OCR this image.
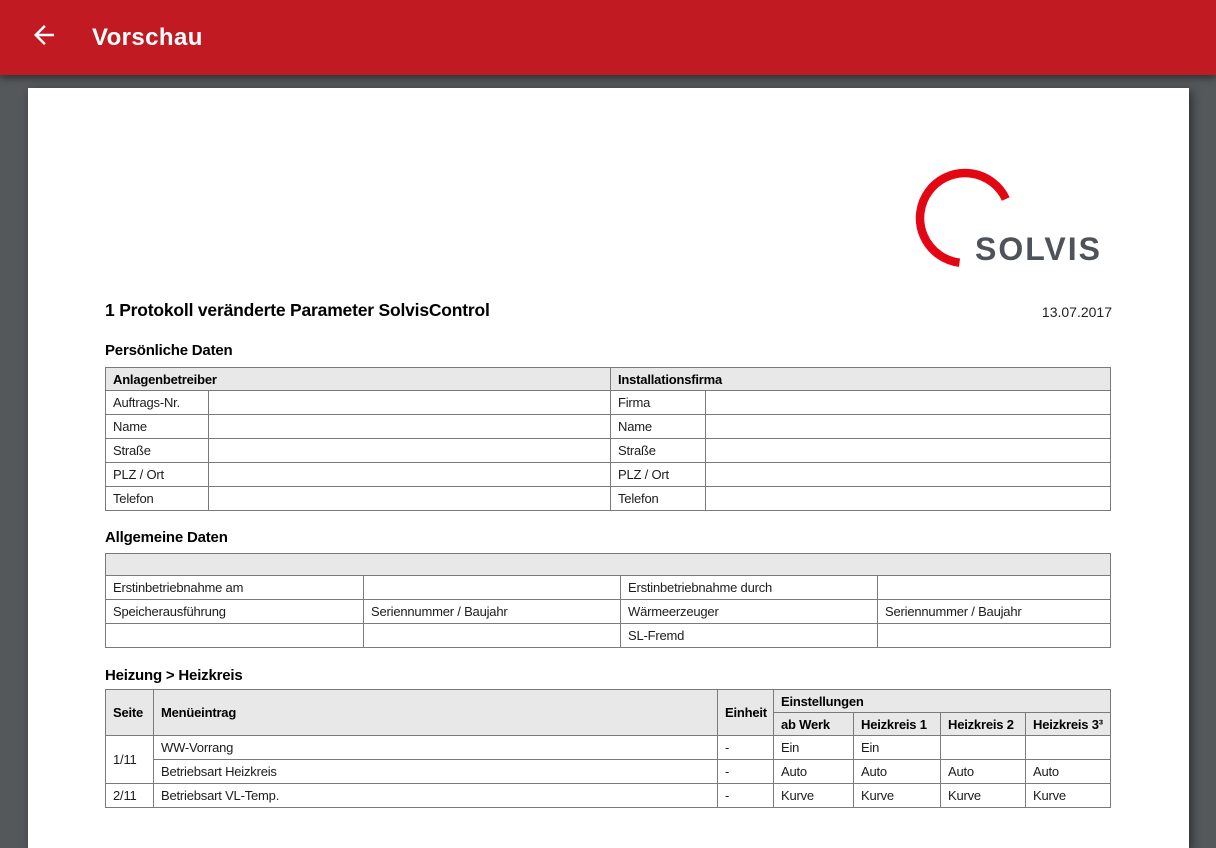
Vorschau
SOLVIS
1 Protokoll veränderte Parameter SolvisControl	13.07.2017
Persönliche Daten
Anlagenbetreiber		Installationsfirma	
Auftrags-Nr.		Firma	
Name		Name	
Straße		Straße	
PLZ / Ort		PLZ / Ort	
Telefon		Telefon	
Allgemeine Daten

Erstinbetriebnahme am		Erstinbetriebnahme durch	
Speicherausführung	Seriennummer / Baujahr	Wärmeerzeuger	Seriennummer / Baujahr
		SL-Fremd	
Heizung > Heizkreis
Seite	Menüeintrag	Einheit	Einstellungen			
			ab Werk	Heizkreis 1	Heizkreis 2	Heizkreis 3³
1/11	WW-Vorrang	-	Ein	Ein		
	Betriebsart Heizkreis	-	Auto	Auto	Auto	Auto
2/11	Betriebsart VL-Temp.	-	Kurve	Kurve	Kurve	Kurve
